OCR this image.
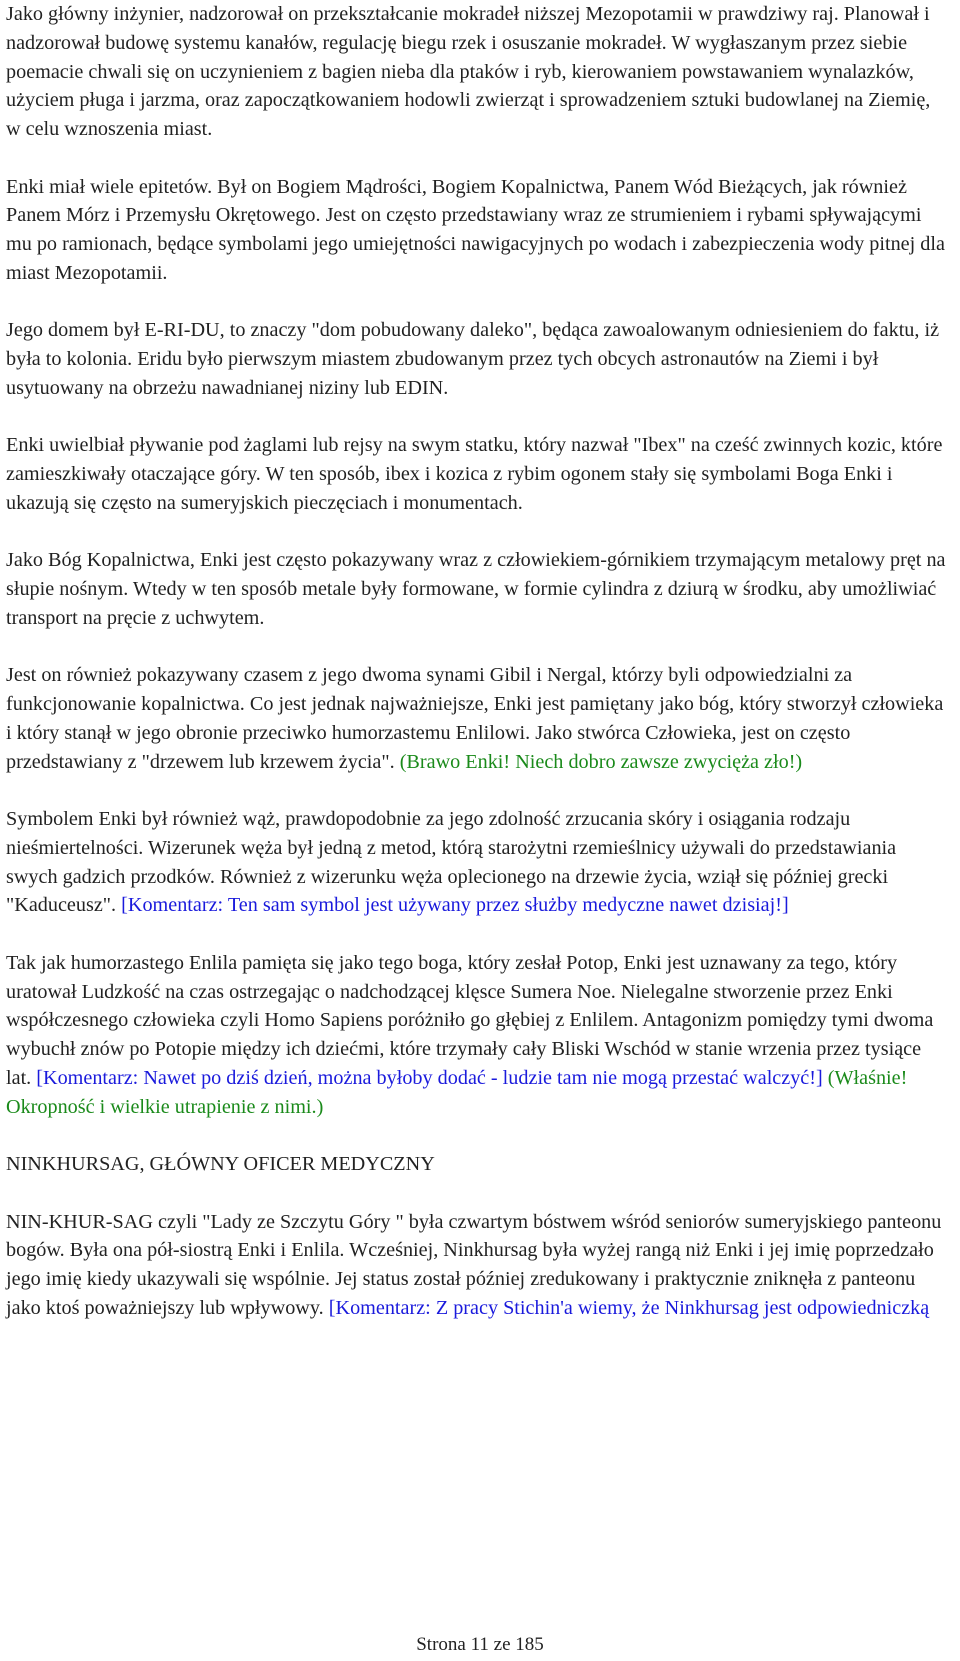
Jako główny inżynier, nadzorował on przekształcanie mokradeł niższej Mezopotamii w prawdziwy raj. Planował i nadzorował budowę systemu kanałów, regulację biegu rzek i osuszanie mokradeł. W wygłaszanym przez siebie poemacie chwali się on uczynieniem z bagien nieba dla ptaków i ryb, kierowaniem powstawaniem wynalazków, użyciem pługa i jarzma, oraz zapoczątkowaniem hodowli zwierząt i sprowadzeniem sztuki budowlanej na Ziemię, w celu wznoszenia miast.

Enki miał wiele epitetów. Był on Bogiem Mądrości, Bogiem Kopalnictwa, Panem Wód Bieżących, jak również Panem Mórz i Przemysłu Okrętowego. Jest on często przedstawiany wraz ze strumieniem i rybami spływającymi mu po ramionach, będące symbolami jego umiejętności nawigacyjnych po wodach i zabezpieczenia wody pitnej dla miast Mezopotamii.

Jego domem był E-RI-DU, to znaczy "dom pobudowany daleko", będąca zawoalowanym odniesieniem do faktu, iż była to kolonia. Eridu było pierwszym miastem zbudowanym przez tych obcych astronautów na Ziemi i był usytuowany na obrzeżu nawadnianej niziny lub EDIN.

Enki uwielbiał pływanie pod żaglami lub rejsy na swym statku, który nazwał "Ibex" na cześć zwinnych kozic, które zamieszkiwały otaczające góry. W ten sposób, ibex i kozica z rybim ogonem stały się symbolami Boga Enki i ukazują się często na sumeryjskich pieczęciach i monumentach.

Jako Bóg Kopalnictwa, Enki jest często pokazywany wraz z człowiekiem-górnikiem trzymającym metalowy pręt na słupie nośnym. Wtedy w ten sposób metale były formowane, w formie cylindra z dziurą w środku, aby umożliwiać transport na pręcie z uchwytem.

Jest on również pokazywany czasem z jego dwoma synami Gibil i Nergal, którzy byli odpowiedzialni za funkcjonowanie kopalnictwa. Co jest jednak najważniejsze, Enki jest pamiętany jako bóg, który stworzył człowieka i który stanął w jego obronie przeciwko humorzastemu Enlilowi. Jako stwórca Człowieka, jest on często przedstawiany z "drzewem lub krzewem życia". (Brawo Enki! Niech dobro zawsze zwycięża zło!)

Symbolem Enki był również wąż, prawdopodobnie za jego zdolność zrzucania skóry i osiągania rodzaju nieśmiertelności. Wizerunek węża był jedną z metod, którą starożytni rzemieślnicy używali do przedstawiania swych gadzich przodków. Również z wizerunku węża oplecionego na drzewie życia, wziął się później grecki "Kaduceusz". [Komentarz: Ten sam symbol jest używany przez służby medyczne nawet dzisiaj!]

Tak jak humorzastego Enlila pamięta się jako tego boga, który zesłał Potop, Enki jest uznawany za tego, który uratował Ludzkość na czas ostrzegając o nadchodzącej klęsce Sumera Noe. Nielegalne stworzenie przez Enki współczesnego człowieka czyli Homo Sapiens poróżniło go głębiej z Enlilem. Antagonizm pomiędzy tymi dwoma wybuchł znów po Potopie między ich dziećmi, które trzymały cały Bliski Wschód w stanie wrzenia przez tysiące lat. [Komentarz: Nawet po dziś dzień, można byłoby dodać - ludzie tam nie mogą przestać walczyć!] (Właśnie! Okropność i wielkie utrapienie z nimi.)

NINKHURSAG, GŁÓWNY OFICER MEDYCZNY

NIN-KHUR-SAG czyli "Lady ze Szczytu Góry " była czwartym bóstwem wśród seniorów sumeryjskiego panteonu bogów. Była ona pół-siostrą Enki i Enlila. Wcześniej, Ninkhursag była wyżej rangą niż Enki i jej imię poprzedzało jego imię kiedy ukazywali się wspólnie. Jej status został później zredukowany i praktycznie zniknęła z panteonu jako ktoś poważniejszy lub wpływowy. [Komentarz: Z pracy Stichin'a wiemy, że Ninkhursag jest odpowiedniczką

Strona 11 ze 185
